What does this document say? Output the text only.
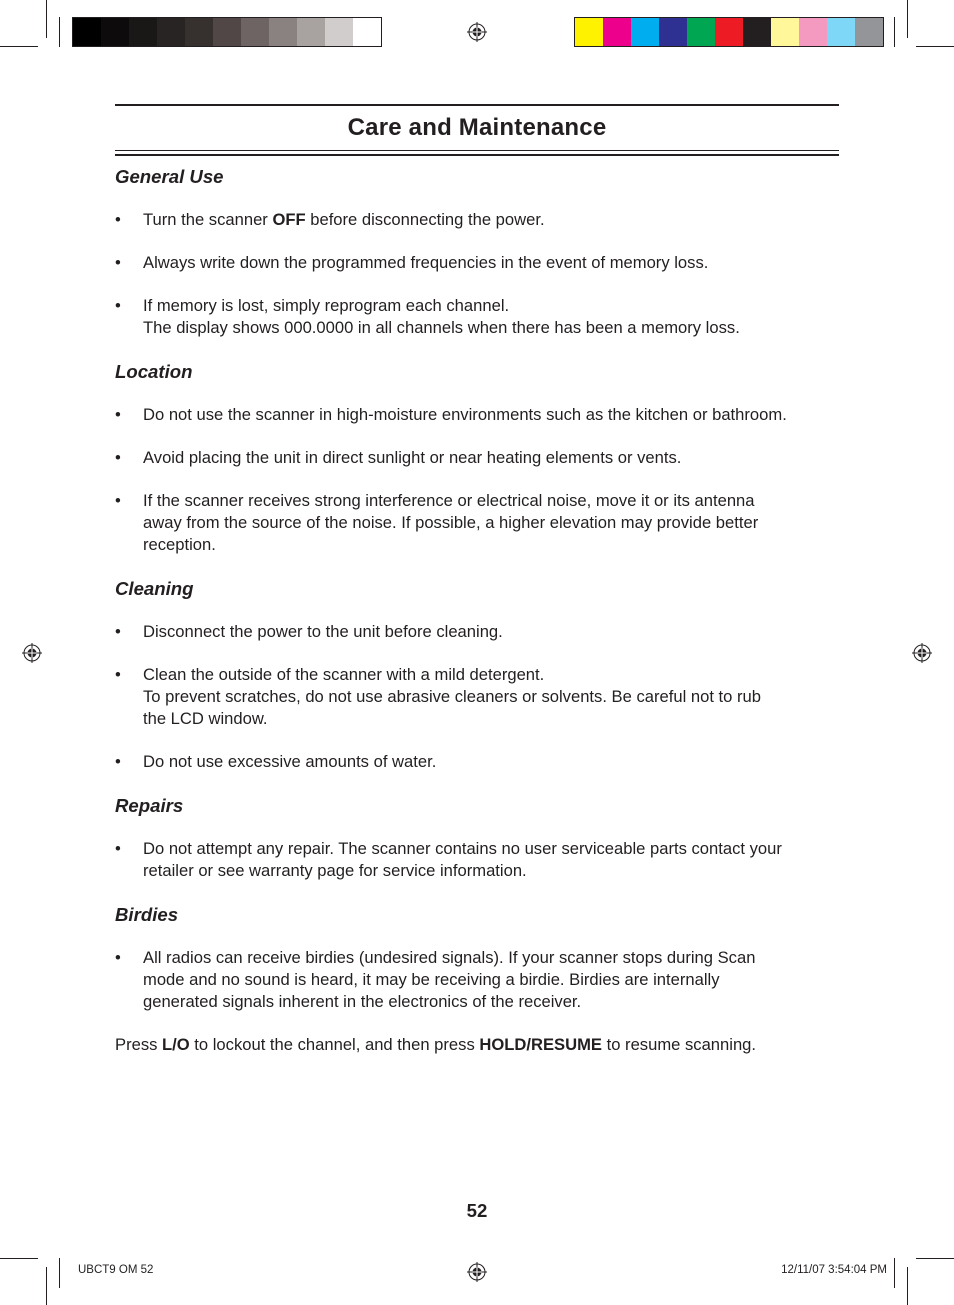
Care and Maintenance
General Use
• Turn the scanner OFF before disconnecting the power.

• Always write down the programmed frequencies in the event of memory loss.

• If memory is lost, simply reprogram each channel.

The display shows 000.0000 in all channels when there has been a memory loss.

Location
• Do not use the scanner in high-moisture environments such as the kitchen or bathroom.

• Avoid placing the unit in direct sunlight or near heating elements or vents.

• If the scanner receives strong interference or electrical noise, move it or its antenna

away from the source of the noise. If possible, a higher elevation may provide better

reception.

Cleaning
• Disconnect the power to the unit before cleaning.

• Clean the outside of the scanner with a mild detergent.

To prevent scratches, do not use abrasive cleaners or solvents. Be careful not to rub

the LCD window.

• Do not use excessive amounts of water.

Repairs
• Do not attempt any repair. The scanner contains no user serviceable parts contact your

retailer or see warranty page for service information.

Birdies
• All radios can receive birdies (undesired signals). If your scanner stops during Scan

mode and no sound is heard, it may be receiving a birdie. Birdies are internally

generated signals inherent in the electronics of the receiver.

Press L/O to lockout the channel, and then press HOLD/RESUME to resume scanning.

52
UBCT9 OM 52	12/11/07 3:54:04 PM
